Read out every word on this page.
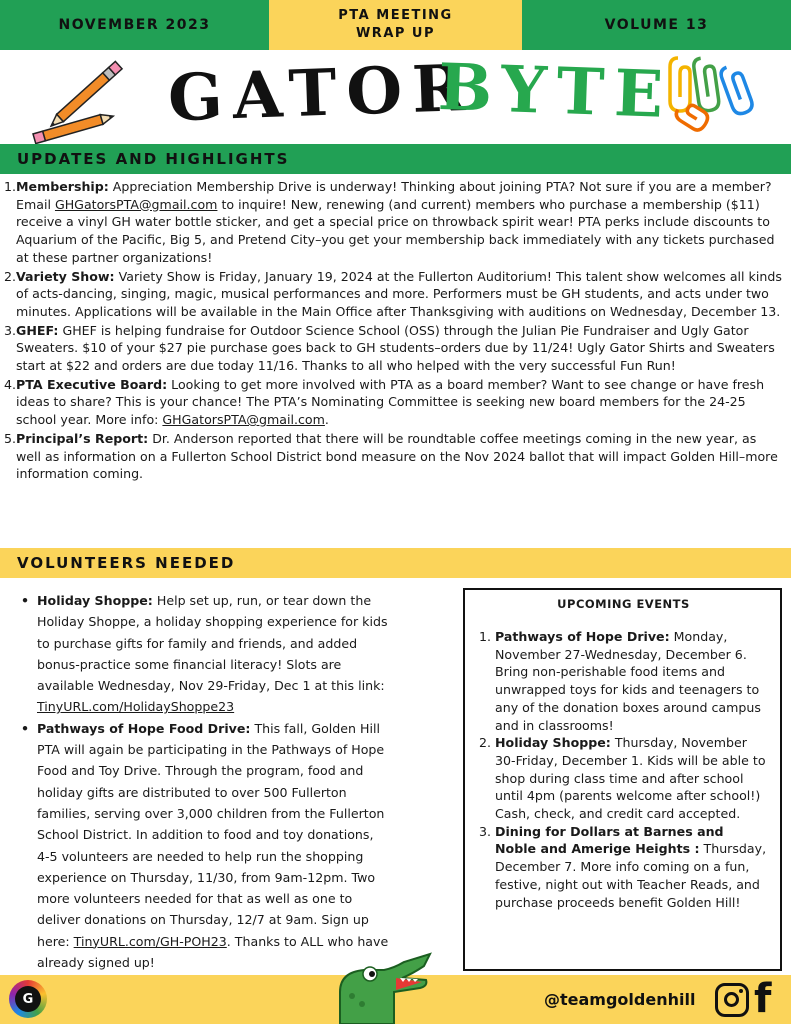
NOVEMBER 2023
PTA MEETING
WRAP UP
VOLUME 13
GATOR
BYTE
UPDATES AND HIGHLIGHTS
1. Membership: Appreciation Membership Drive is underway! Thinking about joining PTA? Not sure if you are a member? Email GHGatorsPTA@gmail.com to inquire! New, renewing (and current) members who purchase a membership ($11) receive a vinyl GH water bottle sticker, and get a special price on throwback spirit wear! PTA perks include discounts to Aquarium of the Pacific, Big 5, and Pretend City–you get your membership back immediately with any tickets purchased at these partner organizations!
2. Variety Show: Variety Show is Friday, January 19, 2024 at the Fullerton Auditorium! This talent show welcomes all kinds of acts-dancing, singing, magic, musical performances and more. Performers must be GH students, and acts under two minutes. Applications will be available in the Main Office after Thanksgiving with auditions on Wednesday, December 13.
3. GHEF: GHEF is helping fundraise for Outdoor Science School (OSS) through the Julian Pie Fundraiser and Ugly Gator Sweaters. $10 of your $27 pie purchase goes back to GH students–orders due by 11/24! Ugly Gator Shirts and Sweaters start at $22 and orders are due today 11/16. Thanks to all who helped with the very successful Fun Run!
4. PTA Executive Board: Looking to get more involved with PTA as a board member? Want to see change or have fresh ideas to share? This is your chance! The PTA’s Nominating Committee is seeking new board members for the 24-25 school year. More info: GHGatorsPTA@gmail.com.
5. Principal’s Report: Dr. Anderson reported that there will be roundtable coffee meetings coming in the new year, as well as information on a Fullerton School District bond measure on the Nov 2024 ballot that will impact Golden Hill–more information coming.
VOLUNTEERS NEEDED
• Holiday Shoppe: Help set up, run, or tear down the Holiday Shoppe, a holiday shopping experience for kids to purchase gifts for family and friends, and added bonus-practice some financial literacy! Slots are available Wednesday, Nov 29-Friday, Dec 1 at this link: TinyURL.com/HolidayShoppe23
• Pathways of Hope Food Drive: This fall, Golden Hill PTA will again be participating in the Pathways of Hope Food and Toy Drive. Through the program, food and holiday gifts are distributed to over 500 Fullerton families, serving over 3,000 children from the Fullerton School District. In addition to food and toy donations, 4-5 volunteers are needed to help run the shopping experience on Thursday, 11/30, from 9am-12pm. Two more volunteers needed for that as well as one to deliver donations on Thursday, 12/7 at 9am. Sign up here: TinyURL.com/GH-POH23. Thanks to ALL who have already signed up!
UPCOMING EVENTS
1. Pathways of Hope Drive: Monday, November 27-Wednesday, December 6. Bring non-perishable food items and unwrapped toys for kids and teenagers to any of the donation boxes around campus and in classrooms!
2. Holiday Shoppe: Thursday, November 30-Friday, December 1. Kids will be able to shop during class time and after school until 4pm (parents welcome after school!) Cash, check, and credit card accepted.
3. Dining for Dollars at Barnes and Noble and Amerige Heights : Thursday, December 7. More info coming on a fun, festive, night out with Teacher Reads, and purchase proceeds benefit Golden Hill!
@teamgoldenhill f
G
